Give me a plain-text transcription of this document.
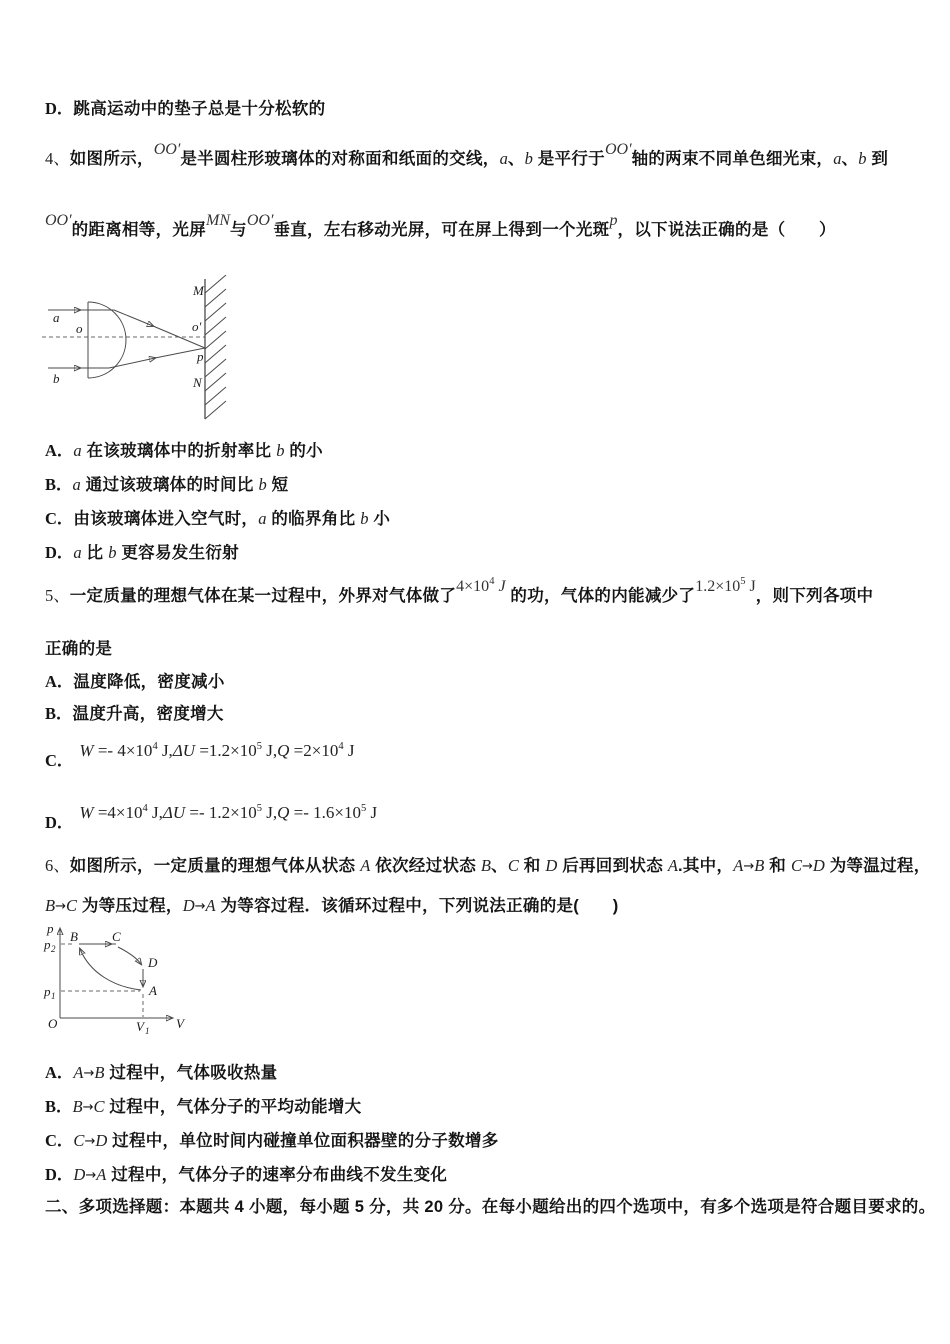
D．跳高运动中的垫子总是十分松软的
4、如图所示，OO′是半圆柱形玻璃体的对称面和纸面的交线，a、b 是平行于OO′轴的两束不同单色细光束，a、b 到
OO′的距离相等，光屏MN与OO′垂直，左右移动光屏，可在屏上得到一个光斑p，以下说法正确的是（　　）
a
b
o
M
o′
p
N
A．a 在该玻璃体中的折射率比 b 的小
B．a 通过该玻璃体的时间比 b 短
C．由该玻璃体进入空气时，a 的临界角比 b 小
D．a 比 b 更容易发生衍射
5、一定质量的理想气体在某一过程中，外界对气体做了$4\times 10^4$ J 的功，气体的内能减少了$1.2\times 10^5$ J，则下列各项中
正确的是
A．温度降低，密度减小
B．温度升高，密度增大
C．$W =- 4\times 10^4$ $J,\Delta U =1.2\times 10^5$ $J,Q =2\times 10^4$ J
D．$W =4\times 10^4$ $J,\Delta U =- 1.2\times 10^5$ $J,Q =- 1.6\times 10^5$ J
6、如图所示，一定质量的理想气体从状态 A 依次经过状态 B、C 和 D 后再回到状态 A.其中，A→B 和 C→D 为等温过程，
B→C 为等压过程，D→A 为等容过程．该循环过程中，下列说法正确的是(　　)
p
V
O
p 2
p 1
V 1
B	C
D
A
A．A→B 过程中，气体吸收热量
B．B→C 过程中，气体分子的平均动能增大
C．C→D 过程中，单位时间内碰撞单位面积器壁的分子数增多
D．D→A 过程中，气体分子的速率分布曲线不发生变化
二、多项选择题：本题共 4 小题，每小题 5 分，共 20 分。在每小题给出的四个选项中，有多个选项是符合题目要求的。
